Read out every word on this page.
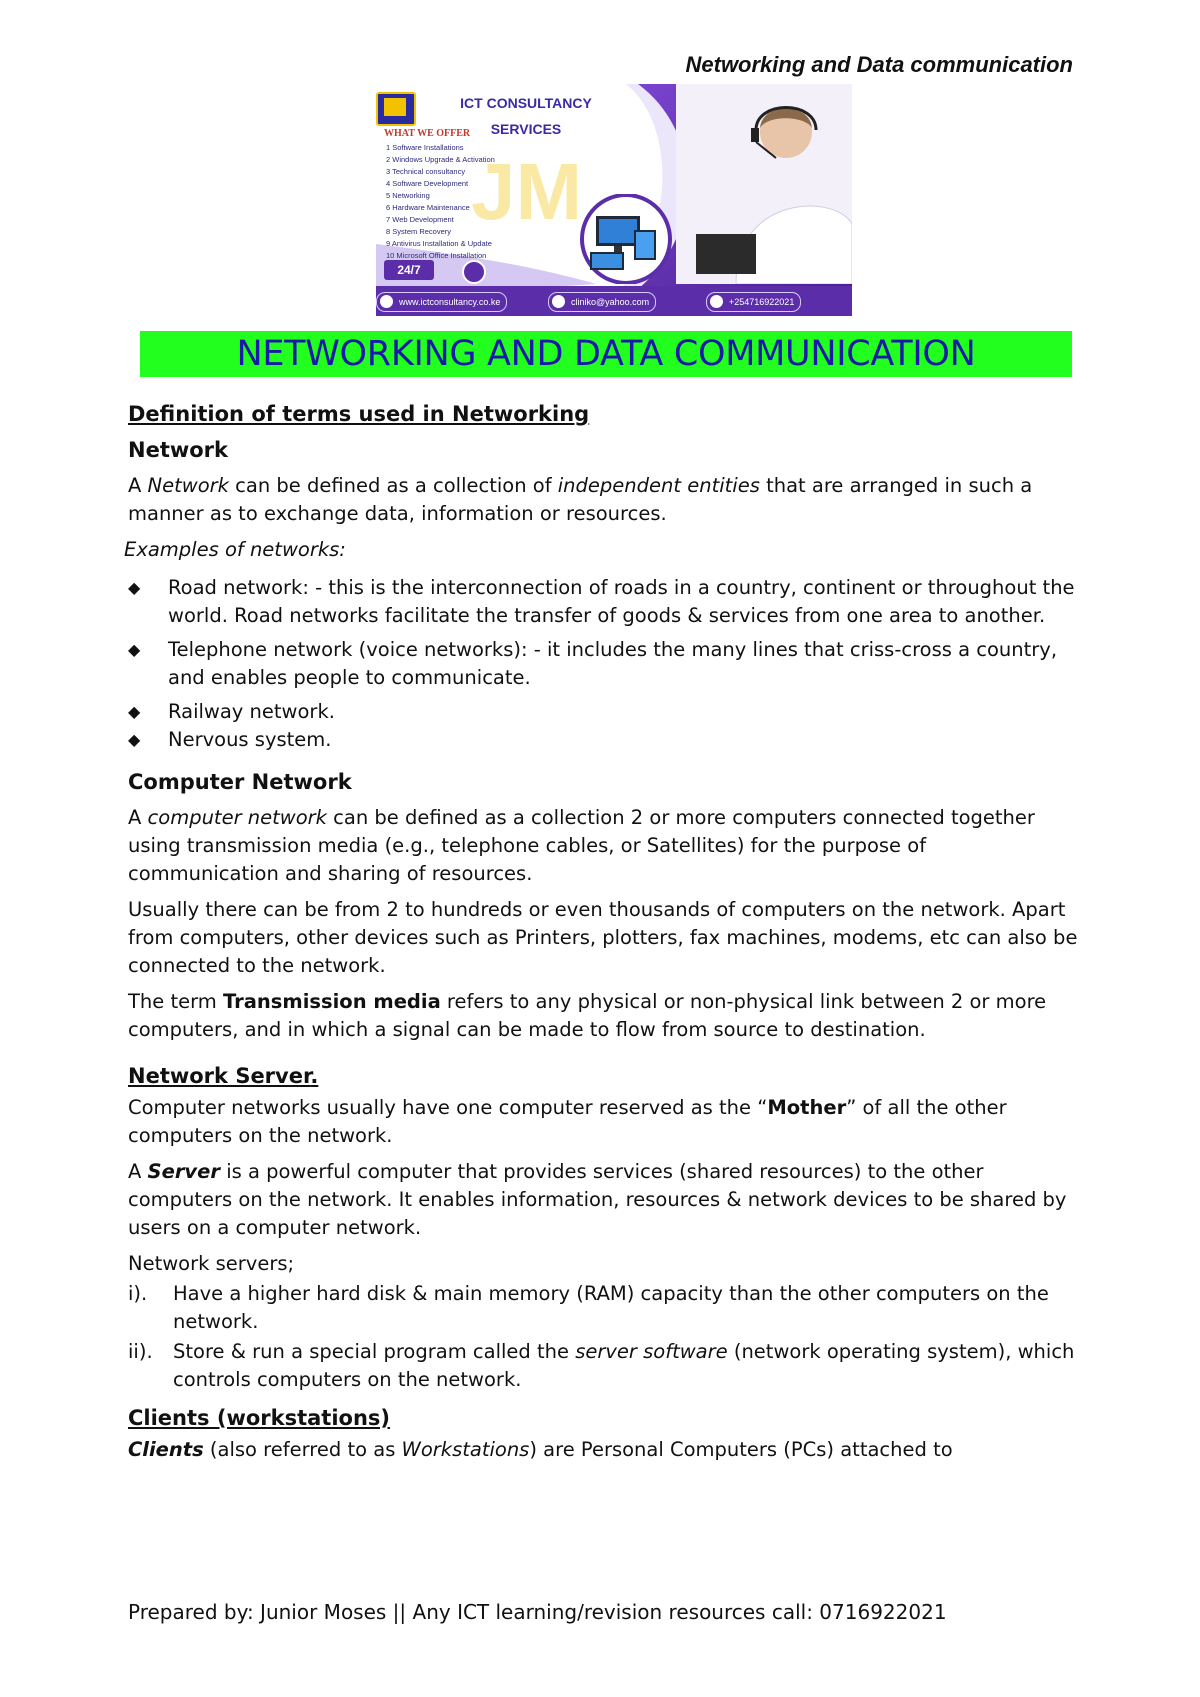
Networking and Data communication
JM
ICT CONSULTANCY SERVICES
WHAT WE OFFER
1 Software Installations
2 Windows Upgrade & Activation
3 Technical consultancy
4 Software Development
5 Networking
6 Hardware Maintenance
7 Web Development
8 System Recovery
9 Antivirus Installation & Update
10 Microsoft Office Installation
24/7
www.ictconsultancy.co.ke	cliniko@yahoo.com	+254716922021
NETWORKING AND DATA COMMUNICATION

Definition of terms used in Networking

Network

A Network can be defined as a collection of independent entities that are arranged in such a manner as to exchange data, information or resources.

Examples of networks:

◆ Road network: - this is the interconnection of roads in a country, continent or throughout the world. Road networks facilitate the transfer of goods & services from one area to another.
◆ Telephone network (voice networks): - it includes the many lines that criss-cross a country, and enables people to communicate.
◆ Railway network.
◆ Nervous system.

Computer Network

A computer network can be defined as a collection 2 or more computers connected together using transmission media (e.g., telephone cables, or Satellites) for the purpose of communication and sharing of resources.

Usually there can be from 2 to hundreds or even thousands of computers on the network. Apart from computers, other devices such as Printers, plotters, fax machines, modems, etc can also be connected to the network.

The term Transmission media refers to any physical or non-physical link between 2 or more computers, and in which a signal can be made to flow from source to destination.

Network Server.

Computer networks usually have one computer reserved as the “Mother” of all the other computers on the network.

A Server is a powerful computer that provides services (shared resources) to the other computers on the network. It enables information, resources & network devices to be shared by users on a computer network.

Network servers;

i). Have a higher hard disk & main memory (RAM) capacity than the other computers on the network.
ii). Store & run a special program called the server software (network operating system), which controls computers on the network.

Clients (workstations)

Clients (also referred to as Workstations) are Personal Computers (PCs) attached to

Prepared by: Junior Moses || Any ICT learning/revision resources call: 0716922021
